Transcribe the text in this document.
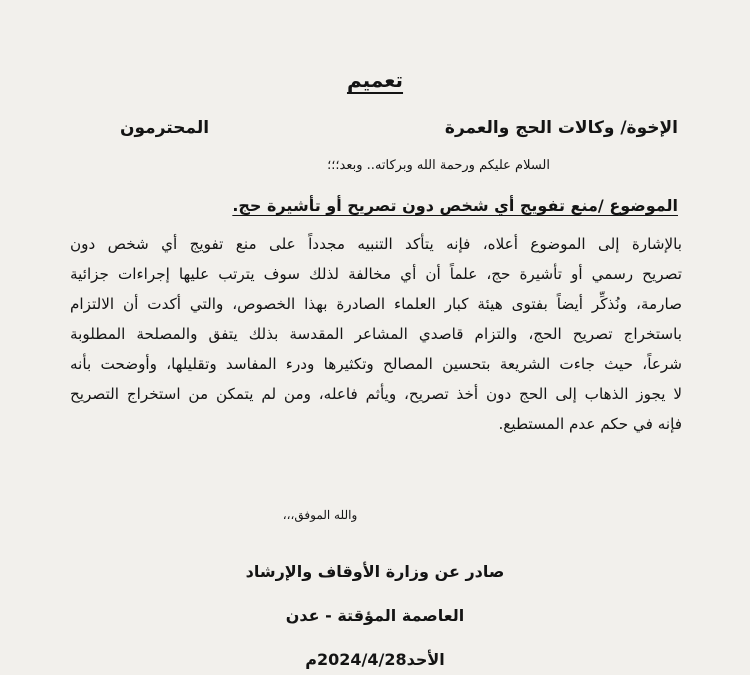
تعميم
الإخوة/ وكالات الحج والعمرة
المحترمون
السلام عليكم ورحمة الله وبركاته.. وبعد؛؛؛
الموضوع /منع تفويج أي شخص دون تصريح أو تأشيرة حج.
بالإشارة إلى الموضوع أعلاه، فإنه يتأكد التنبيه مجدداً على منع تفويج أي شخص دون
تصريح رسمي أو تأشيرة حج، علماً أن أي مخالفة لذلك سوف يترتب عليها إجراءات جزائية
صارمة، ونُذكِّر أيضاً بفتوى هيئة كبار العلماء الصادرة بهذا الخصوص، والتي أكدت أن الالتزام
باستخراج تصريح الحج، والتزام قاصدي المشاعر المقدسة بذلك يتفق والمصلحة المطلوبة
شرعاً، حيث جاءت الشريعة بتحسين المصالح وتكثيرها ودرء المفاسد وتقليلها، وأوضحت بأنه
لا يجوز الذهاب إلى الحج دون أخذ تصريح، ويأثم فاعله، ومن لم يتمكن من استخراج التصريح
فإنه في حكم عدم المستطيع.
والله الموفق،،،
صادر عن وزارة الأوقاف والإرشاد
العاصمة المؤقتة - عدن
الأحد2024/4/28م
